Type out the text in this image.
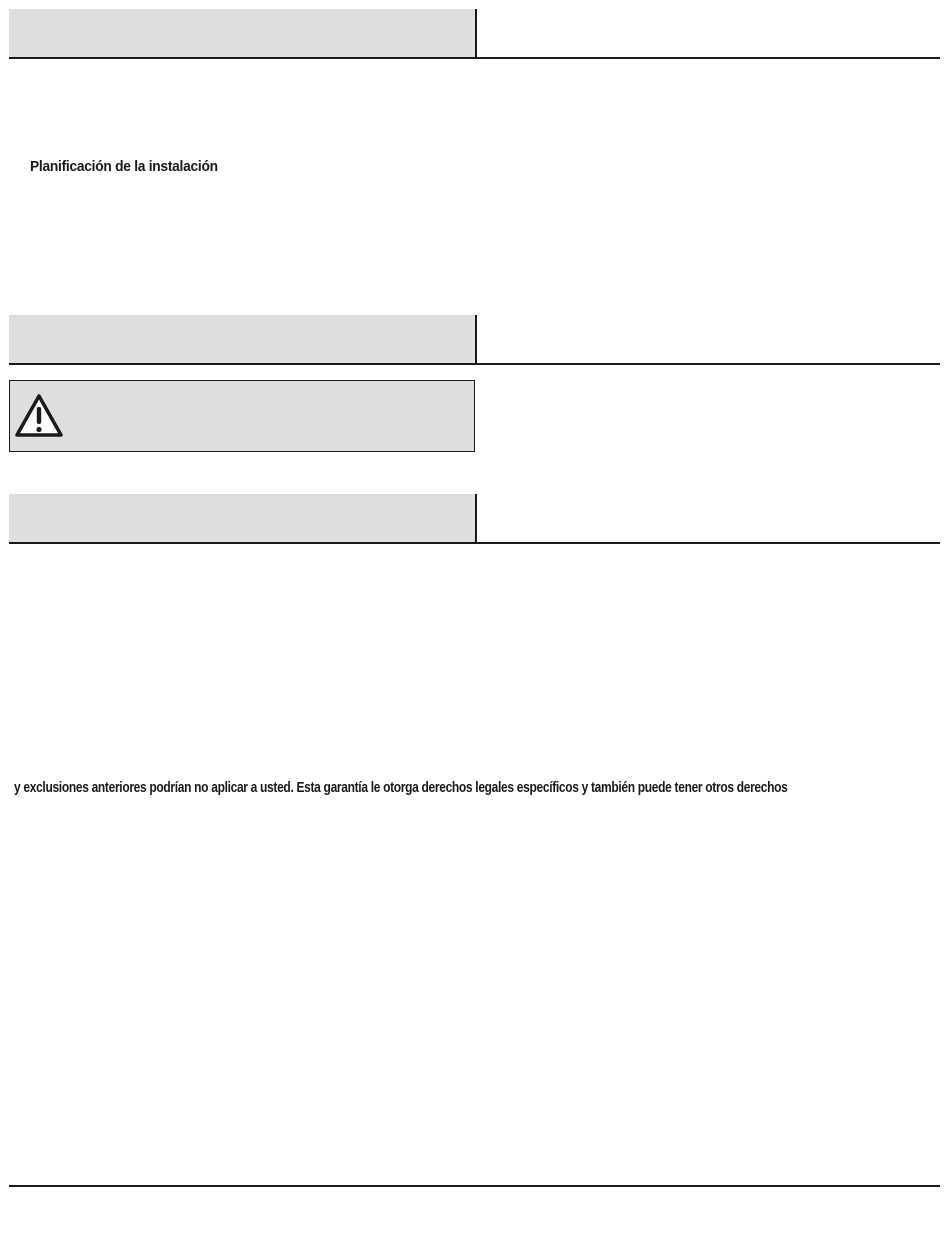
Planificación de la instalación
y exclusiones anteriores podrían no aplicar a usted. Esta garantía le otorga derechos legales específicos y también puede tener otros derechos
